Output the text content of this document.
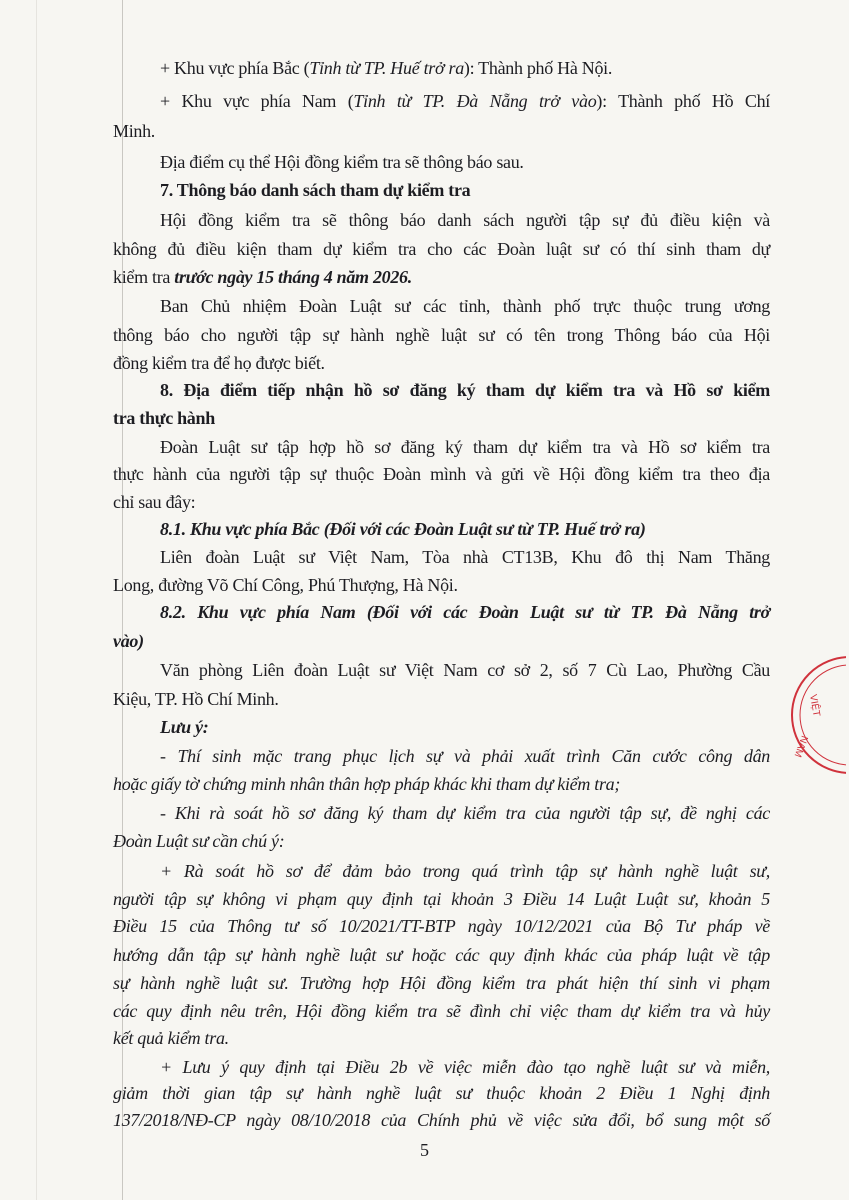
+ Khu vực phía Bắc (Tỉnh từ TP. Huế trở ra): Thành phố Hà Nội.
+ Khu vực phía Nam (Tỉnh từ TP. Đà Nẵng trở vào): Thành phố Hồ Chí
Minh.
Địa điểm cụ thể Hội đồng kiểm tra sẽ thông báo sau.
7. Thông báo danh sách tham dự kiểm tra
Hội đồng kiểm tra sẽ thông báo danh sách người tập sự đủ điều kiện và
không đủ điều kiện tham dự kiểm tra cho các Đoàn luật sư có thí sinh tham dự
kiểm tra trước ngày 15 tháng 4 năm 2026.
Ban Chủ nhiệm Đoàn Luật sư các tỉnh, thành phố trực thuộc trung ương
thông báo cho người tập sự hành nghề luật sư có tên trong Thông báo của Hội
đồng kiểm tra để họ được biết.
8. Địa điểm tiếp nhận hồ sơ đăng ký tham dự kiểm tra và Hồ sơ kiểm
tra thực hành
Đoàn Luật sư tập hợp hồ sơ đăng ký tham dự kiểm tra và Hồ sơ kiểm tra
thực hành của người tập sự thuộc Đoàn mình và gửi về Hội đồng kiểm tra theo địa
chỉ sau đây:
8.1. Khu vực phía Bắc (Đối với các Đoàn Luật sư từ TP. Huế trở ra)
Liên đoàn Luật sư Việt Nam, Tòa nhà CT13B, Khu đô thị Nam Thăng
Long, đường Võ Chí Công, Phú Thượng, Hà Nội.
8.2. Khu vực phía Nam (Đối với các Đoàn Luật sư từ TP. Đà Nẵng trở
vào)
Văn phòng Liên đoàn Luật sư Việt Nam cơ sở 2, số 7 Cù Lao, Phường Cầu
Kiệu, TP. Hồ Chí Minh.
Lưu ý:
- Thí sinh mặc trang phục lịch sự và phải xuất trình Căn cước công dân
hoặc giấy tờ chứng minh nhân thân hợp pháp khác khi tham dự kiểm tra;
- Khi rà soát hồ sơ đăng ký tham dự kiểm tra của người tập sự, đề nghị các
Đoàn Luật sư cần chú ý:
+ Rà soát hồ sơ để đảm bảo trong quá trình tập sự hành nghề luật sư,
người tập sự không vi phạm quy định tại khoản 3 Điều 14 Luật Luật sư, khoản 5
Điều 15 của Thông tư số 10/2021/TT-BTP ngày 10/12/2021 của Bộ Tư pháp về
hướng dẫn tập sự hành nghề luật sư hoặc các quy định khác của pháp luật về tập
sự hành nghề luật sư. Trường hợp Hội đồng kiểm tra phát hiện thí sinh vi phạm
các quy định nêu trên, Hội đồng kiểm tra sẽ đình chỉ việc tham dự kiểm tra và hủy
kết quả kiểm tra.
+ Lưu ý quy định tại Điều 2b về việc miễn đào tạo nghề luật sư và miễn,
giảm thời gian tập sự hành nghề luật sư thuộc khoản 2 Điều 1 Nghị định
137/2018/NĐ-CP ngày 08/10/2018 của Chính phủ về việc sửa đổi, bổ sung một số
5
VIỆT
NAM
